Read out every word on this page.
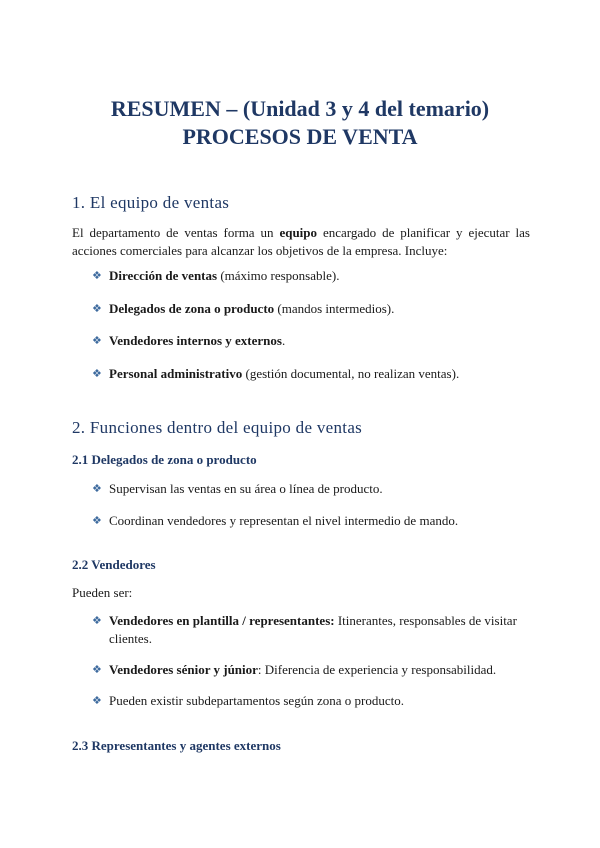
RESUMEN – (Unidad 3 y 4 del temario)
PROCESOS DE VENTA
1. El equipo de ventas

El departamento de ventas forma un equipo encargado de planificar y ejecutar las acciones comerciales para alcanzar los objetivos de la empresa. Incluye:

❖ Dirección de ventas (máximo responsable).
❖ Delegados de zona o producto (mandos intermedios).
❖ Vendedores internos y externos.
❖ Personal administrativo (gestión documental, no realizan ventas).
2. Funciones dentro del equipo de ventas
2.1 Delegados de zona o producto
❖ Supervisan las ventas en su área o línea de producto.
❖ Coordinan vendedores y representan el nivel intermedio de mando.
2.2 Vendedores

Pueden ser:

❖ Vendedores en plantilla / representantes: Itinerantes, responsables de visitar clientes.
❖ Vendedores sénior y júnior: Diferencia de experiencia y responsabilidad.
❖ Pueden existir subdepartamentos según zona o producto.
2.3 Representantes y agentes externos
